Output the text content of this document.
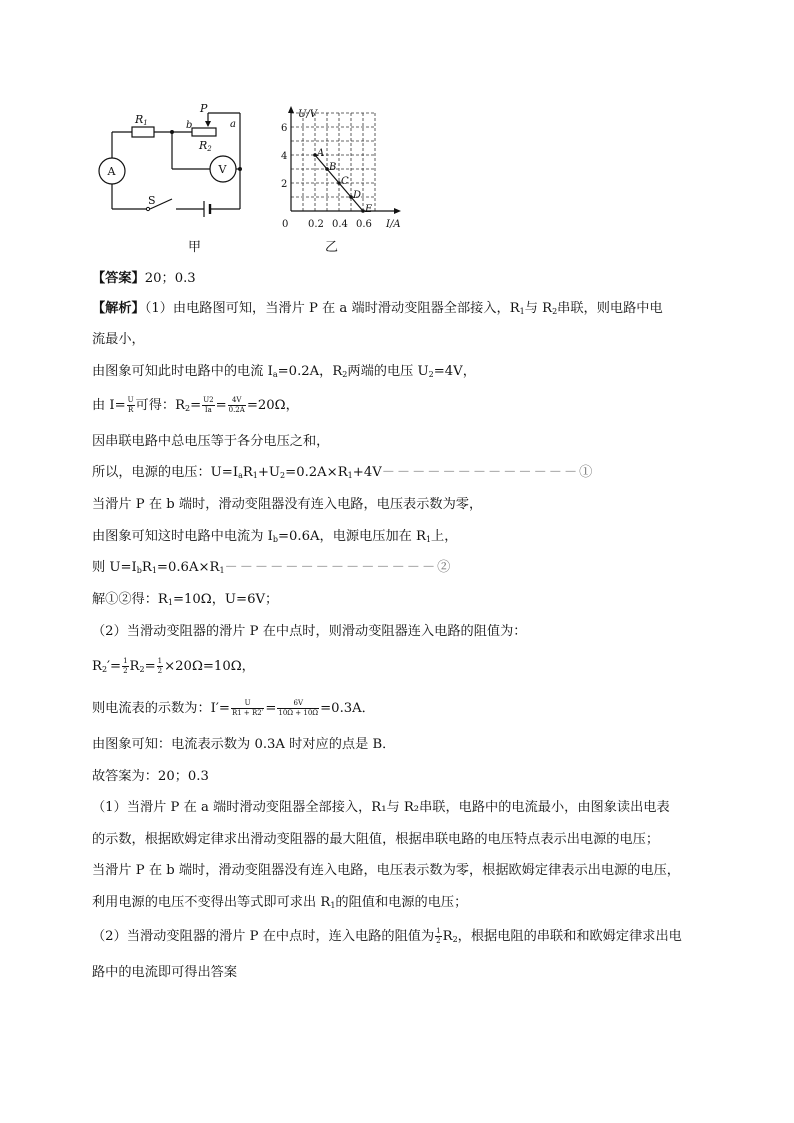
R1
R2
P
b	a
A	V
S
甲
U/V
I/A
0 0.2 0.4 0.6
2
4
6
A
B
C
D
E
乙
【答案】20；0.3
【解析】（1）由电路图可知，当滑片 P 在 a 端时滑动变阻器全部接入，$R_1$与 $R_2$串联，则电路中电
流最小，
由图象可知此时电路中的电流 $I_a=0.2A$，$R_2$两端的电压 $U_2=4V$，
由 $I= \frac{U}{R}$ 可得：$R_2= \frac{U2}{Ia} = \frac{4V}{0.2A} =20\Omega$，
因串联电路中总电压等于各分电压之和，
所以，电源的电压：$U=I_aR_1+U_2=0.2A\times R_1+4V-------------①$
当滑片 P 在 b 端时，滑动变阻器没有连入电路，电压表示数为零，
由图象可知这时电路中电流为 $I_b=0.6A$，电源电压加在 $R_1$上，
则 $U=I_bR_1=0.6A\times R_1--------------②$
解①②得：$R_1=10\Omega$，U=6V；
（2）当滑动变阻器的滑片 P 在中点时，则滑动变阻器连入电路的阻值为：
$R_2'= \frac{1}{2} R_2= \frac{1}{2} \times 20\Omega=10\Omega$，
则电流表的示数为：$I'= \frac{U}{R1 + R2'} = \frac{6V}{10\Omega + 10\Omega} =0.3A$．
由图象可知：电流表示数为 0.3A 时对应的点是 B．
故答案为：20；0.3
（1）当滑片 P 在 a 端时滑动变阻器全部接入，R₁与 R₂串联，电路中的电流最小，由图象读出电表
的示数，根据欧姆定律求出滑动变阻器的最大阻值，根据串联电路的电压特点表示出电源的电压；
当滑片 P 在 b 端时，滑动变阻器没有连入电路，电压表示数为零，根据欧姆定律表示出电源的电压，
利用电源的电压不变得出等式即可求出 $R_1$的阻值和电源的电压；
（2）当滑动变阻器的滑片 P 在中点时，连入电路的阻值为 $\frac{1}{2} R_2$，根据电阻的串联和和欧姆定律求出电
路中的电流即可得出答案
